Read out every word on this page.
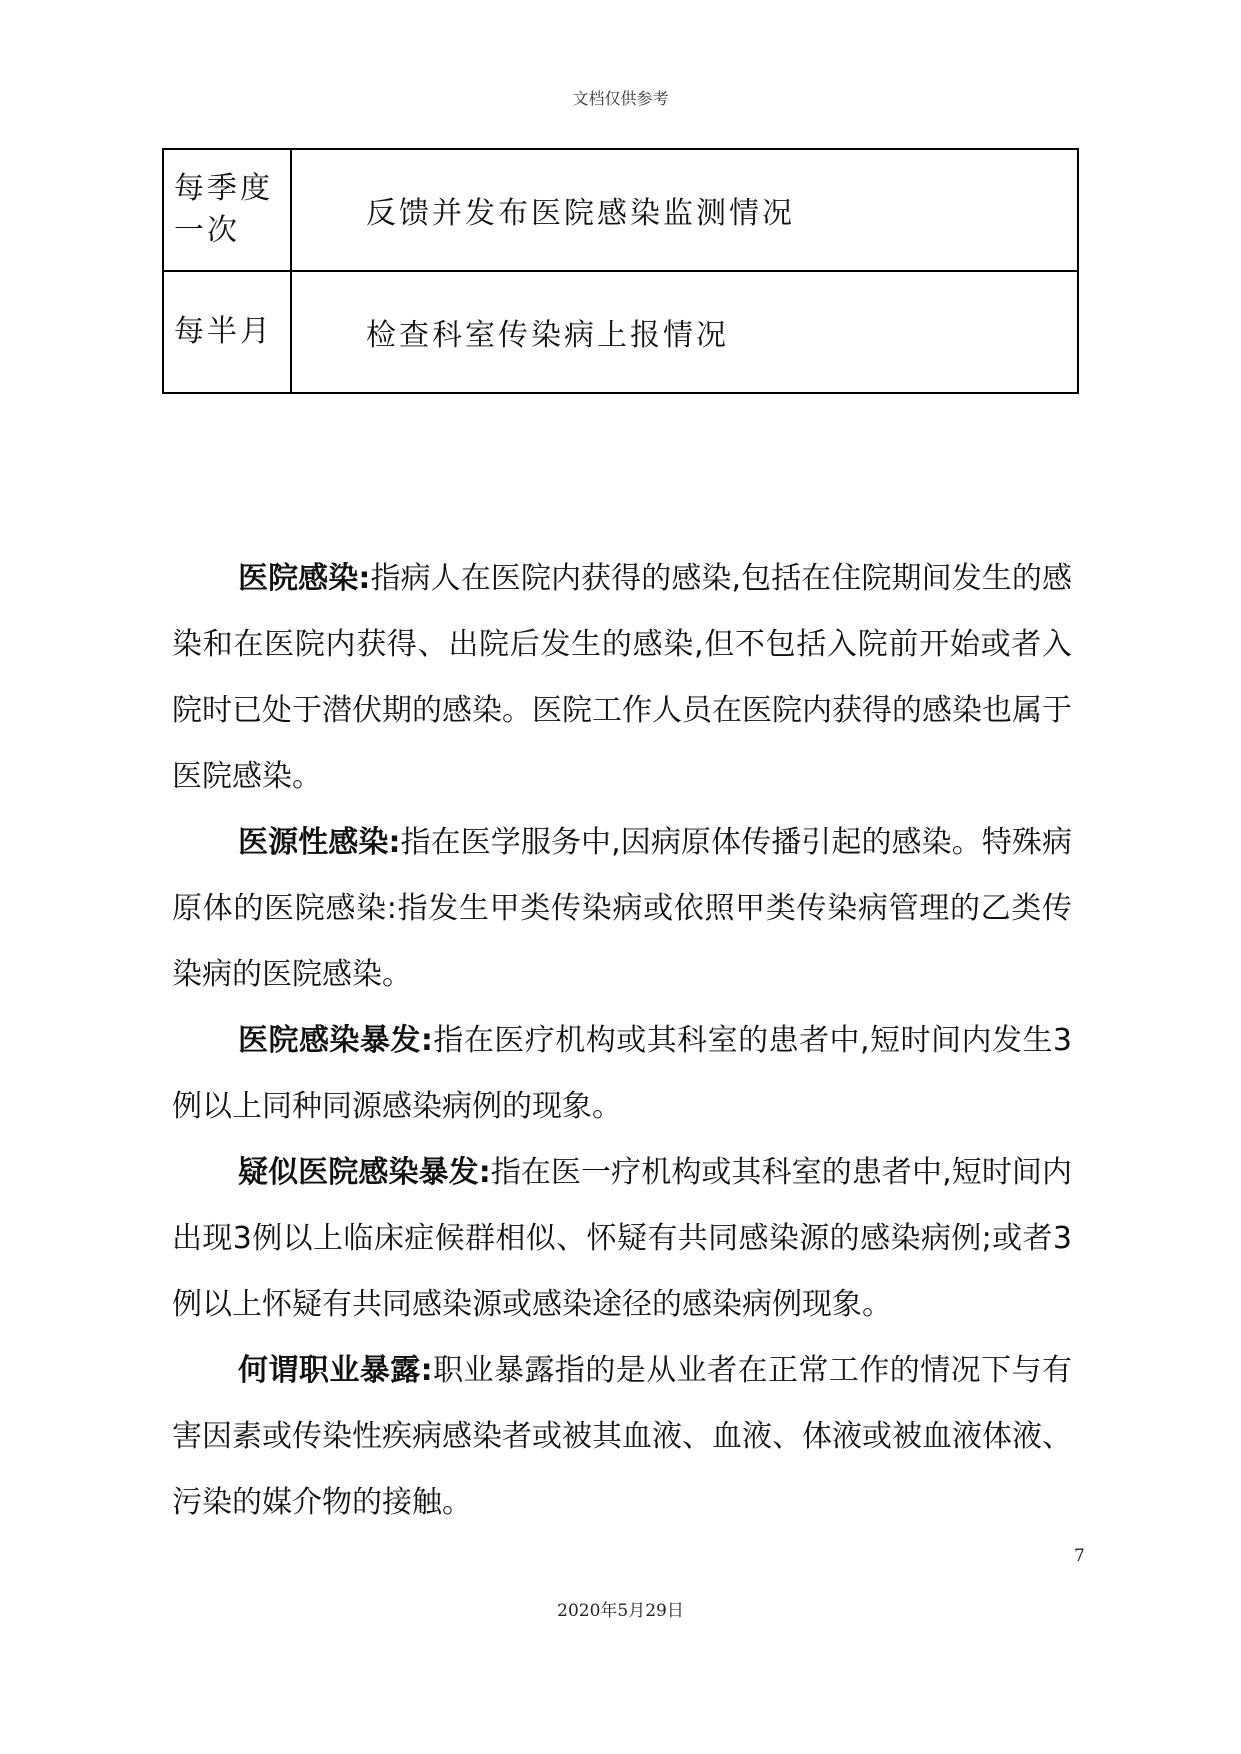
文档仅供参考
每季度一次	反馈并发布医院感染监测情况
每半月	检查科室传染病上报情况

医院感染:指病人在医院内获得的感染,包括在住院期间发生的感染和在医院内获得、出院后发生的感染,但不包括入院前开始或者入院时已处于潜伏期的感染。医院工作人员在医院内获得的感染也属于医院感染。

医源性感染:指在医学服务中,因病原体传播引起的感染。特殊病原体的医院感染:指发生甲类传染病或依照甲类传染病管理的乙类传染病的医院感染。

医院感染暴发:指在医疗机构或其科室的患者中,短时间内发生3例以上同种同源感染病例的现象。

疑似医院感染暴发:指在医一疗机构或其科室的患者中,短时间内出现3例以上临床症候群相似、怀疑有共同感染源的感染病例;或者3例以上怀疑有共同感染源或感染途径的感染病例现象。

何谓职业暴露:职业暴露指的是从业者在正常工作的情况下与有害因素或传染性疾病感染者或被其血液、血液、体液或被血液体液、污染的媒介物的接触。

7
2020年5月29日
